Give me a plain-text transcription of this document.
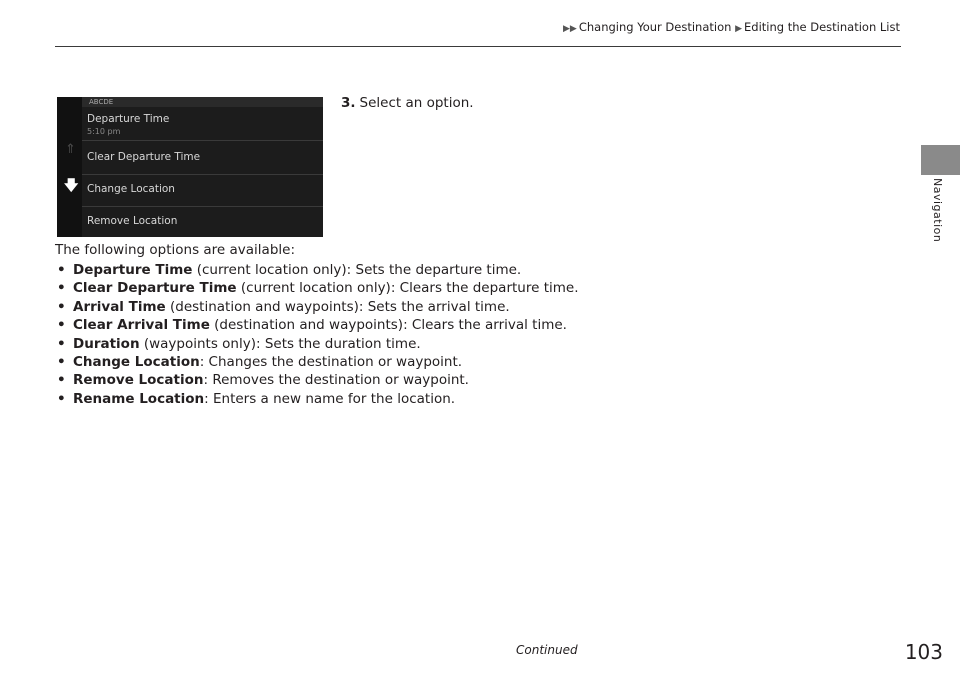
▶▶ Changing Your Destination ▶ Editing the Destination List
Navigation
⇑
🡇
ABCDE
Departure Time
5:10 pm
Clear Departure Time
Change Location
Remove Location
3. Select an option.
The following options are available:
• Departure Time (current location only): Sets the departure time.
• Clear Departure Time (current location only): Clears the departure time.
• Arrival Time (destination and waypoints): Sets the arrival time.
• Clear Arrival Time (destination and waypoints): Clears the arrival time.
• Duration (waypoints only): Sets the duration time.
• Change Location: Changes the destination or waypoint.
• Remove Location: Removes the destination or waypoint.
• Rename Location: Enters a new name for the location.
Continued	103
